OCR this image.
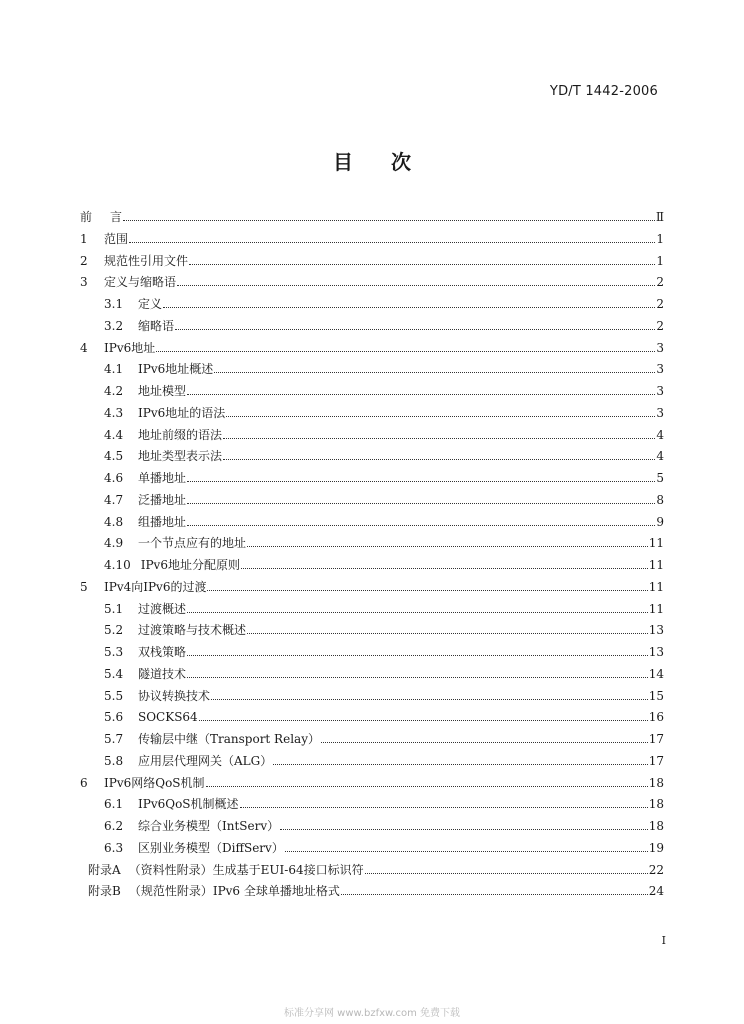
YD/T 1442-2006
目 次
前	言	Ⅱ
1	范围	1
2	规范性引用文件	1
3	定义与缩略语	2
3.1	定义	2
3.2	缩略语	2
4	IPv6地址	3
4.1	IPv6地址概述	3
4.2	地址模型	3
4.3	IPv6地址的语法	3
4.4	地址前缀的语法	4
4.5	地址类型表示法	4
4.6	单播地址	5
4.7	泛播地址	8
4.8	组播地址	9
4.9	一个节点应有的地址	11
4.10 IPv6地址分配原则	11
5	IPv4向IPv6的过渡	11
5.1	过渡概述	11
5.2	过渡策略与技术概述	13
5.3	双栈策略	13
5.4	隧道技术	14
5.5	协议转换技术	15
5.6	SOCKS64	16
5.7	传输层中继（Transport Relay）	17
5.8	应用层代理网关（ALG）	17
6	IPv6网络QoS机制	18
6.1	IPv6QoS机制概述	18
6.2	综合业务模型（IntServ）	18
6.3	区别业务模型（DiffServ）	19
附录A （资料性附录）生成基于EUI-64接口标识符	22
附录B （规范性附录）IPv6 全球单播地址格式	24
I
标准分享网 www.bzfxw.com 免费下载
